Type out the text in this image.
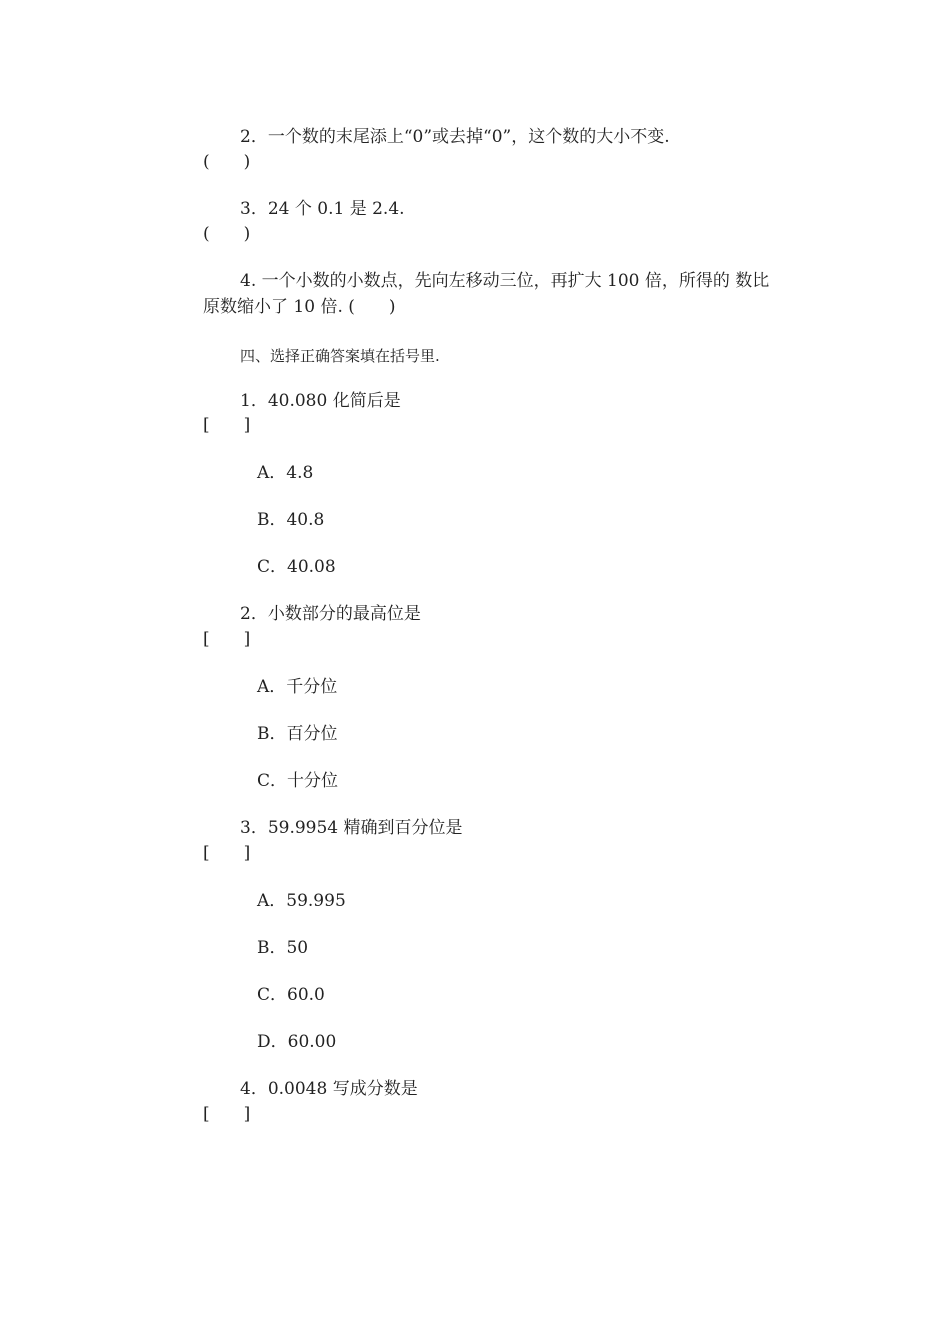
2．一个数的末尾添上“0”或去掉“0”，这个数的大小不变.
(　　)
3．24 个 0.1 是 2.4.
(　　)
4. 一个小数的小数点，先向左移动三位，再扩大 100 倍，所得的 数比
原数缩小了 10 倍. (　　)
四、选择正确答案填在括号里.
1．40.080 化简后是
[　　]
A．4.8
B．40.8
C．40.08
2．小数部分的最高位是
[　　]
A．千分位
B．百分位
C．十分位
3．59.9954 精确到百分位是
[　　]
A．59.995
B．50
C．60.0
D．60.00
4．0.0048 写成分数是
[　　]
